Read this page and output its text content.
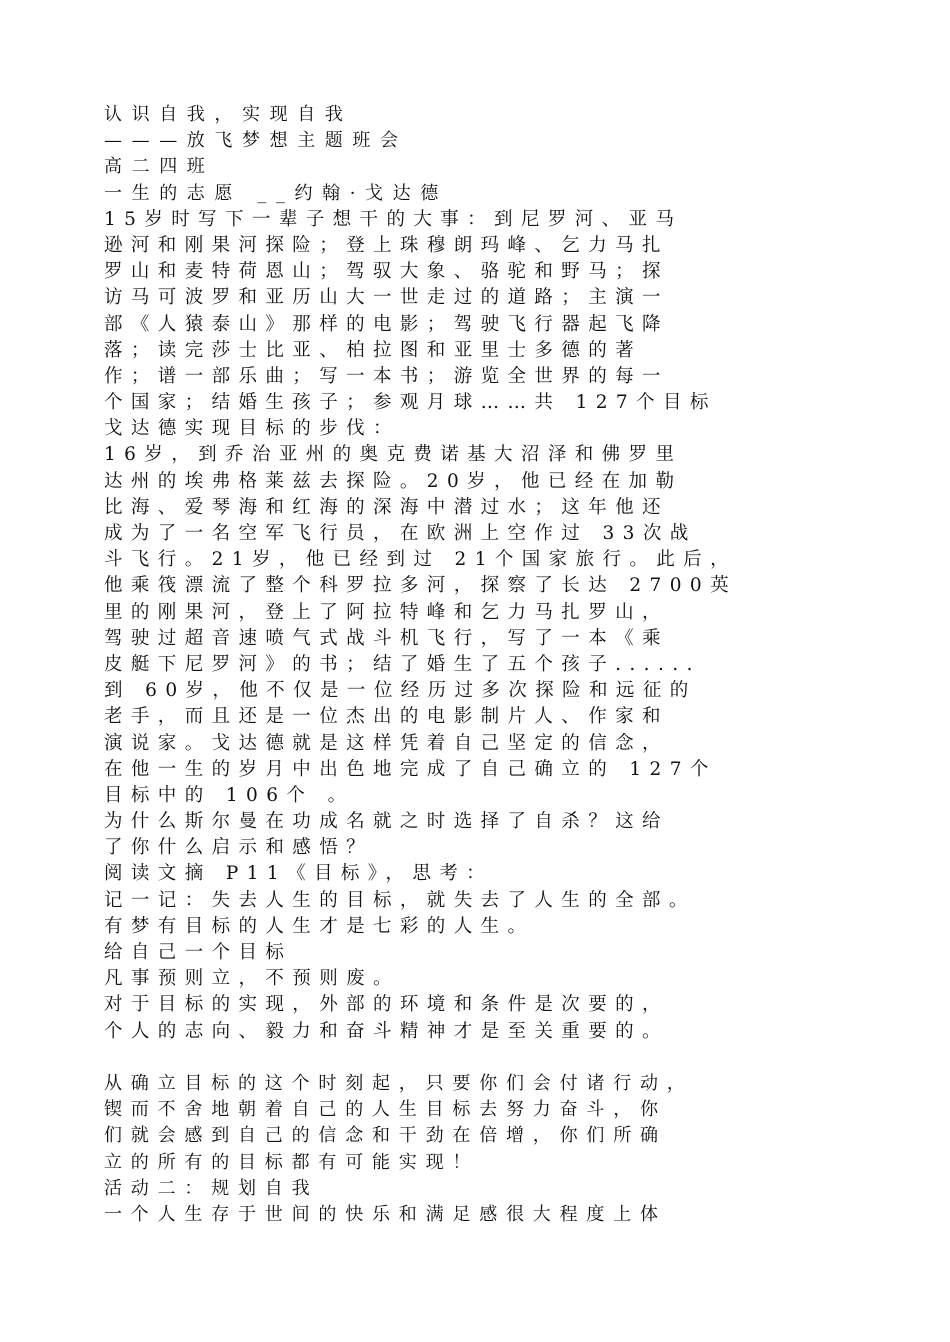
认识自我，实现自我
———放飞梦想主题班会
高二四班
一生的志愿 __约翰·戈达德
15岁时写下一辈子想干的大事：到尼罗河、亚马
逊河和刚果河探险；登上珠穆朗玛峰、乞力马扎
罗山和麦特荷恩山；驾驭大象、骆驼和野马；探
访马可波罗和亚历山大一世走过的道路；主演一
部《人猿泰山》那样的电影；驾驶飞行器起飞降
落；读完莎士比亚、柏拉图和亚里士多德的著
作；谱一部乐曲；写一本书；游览全世界的每一
个国家；结婚生孩子；参观月球……共 127个目标
戈达德实现目标的步伐：
16岁，到乔治亚州的奥克费诺基大沼泽和佛罗里
达州的埃弗格莱兹去探险。20岁，他已经在加勒
比海、爱琴海和红海的深海中潜过水；这年他还
成为了一名空军飞行员，在欧洲上空作过 33次战
斗飞行。21岁，他已经到过 21个国家旅行。此后，
他乘筏漂流了整个科罗拉多河，探察了长达 2700英
里的刚果河，登上了阿拉特峰和乞力马扎罗山，
驾驶过超音速喷气式战斗机飞行，写了一本《乘
皮艇下尼罗河》的书；结了婚生了五个孩子......
到 60岁，他不仅是一位经历过多次探险和远征的
老手，而且还是一位杰出的电影制片人、作家和
演说家。戈达德就是这样凭着自己坚定的信念，
在他一生的岁月中出色地完成了自己确立的 127个
目标中的 106个 。
为什么斯尔曼在功成名就之时选择了自杀？这给
了你什么启示和感悟？
阅读文摘 P11《目标》，思考：
记一记：失去人生的目标，就失去了人生的全部。
有梦有目标的人生才是七彩的人生。
给自己一个目标
凡事预则立，不预则废。
对于目标的实现，外部的环境和条件是次要的，
个人的志向、毅力和奋斗精神才是至关重要的。
从确立目标的这个时刻起，只要你们会付诸行动，
锲而不舍地朝着自己的人生目标去努力奋斗，你
们就会感到自己的信念和干劲在倍增，你们所确
立的所有的目标都有可能实现！
活动二：规划自我
一个人生存于世间的快乐和满足感很大程度上体
